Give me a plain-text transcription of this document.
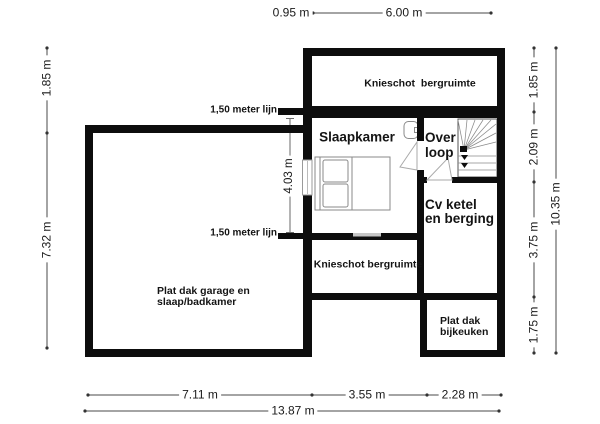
0.95 m	6.00 m
1.85 m
7.32 m
1.85 m
2.09 m
3.75 m
1.75 m
10.35 m
7.11 m	3.55 m	2.28 m
13.87 m
1,50 meter lijn
1,50 meter lijn
4.03 m
Knieschot bergruimte
Slaapkamer Over
loop
Cv ketel
en berging
Knieschot bergruimte
Plat dak garage en
slaap/badkamer
Plat dak
bijkeuken
